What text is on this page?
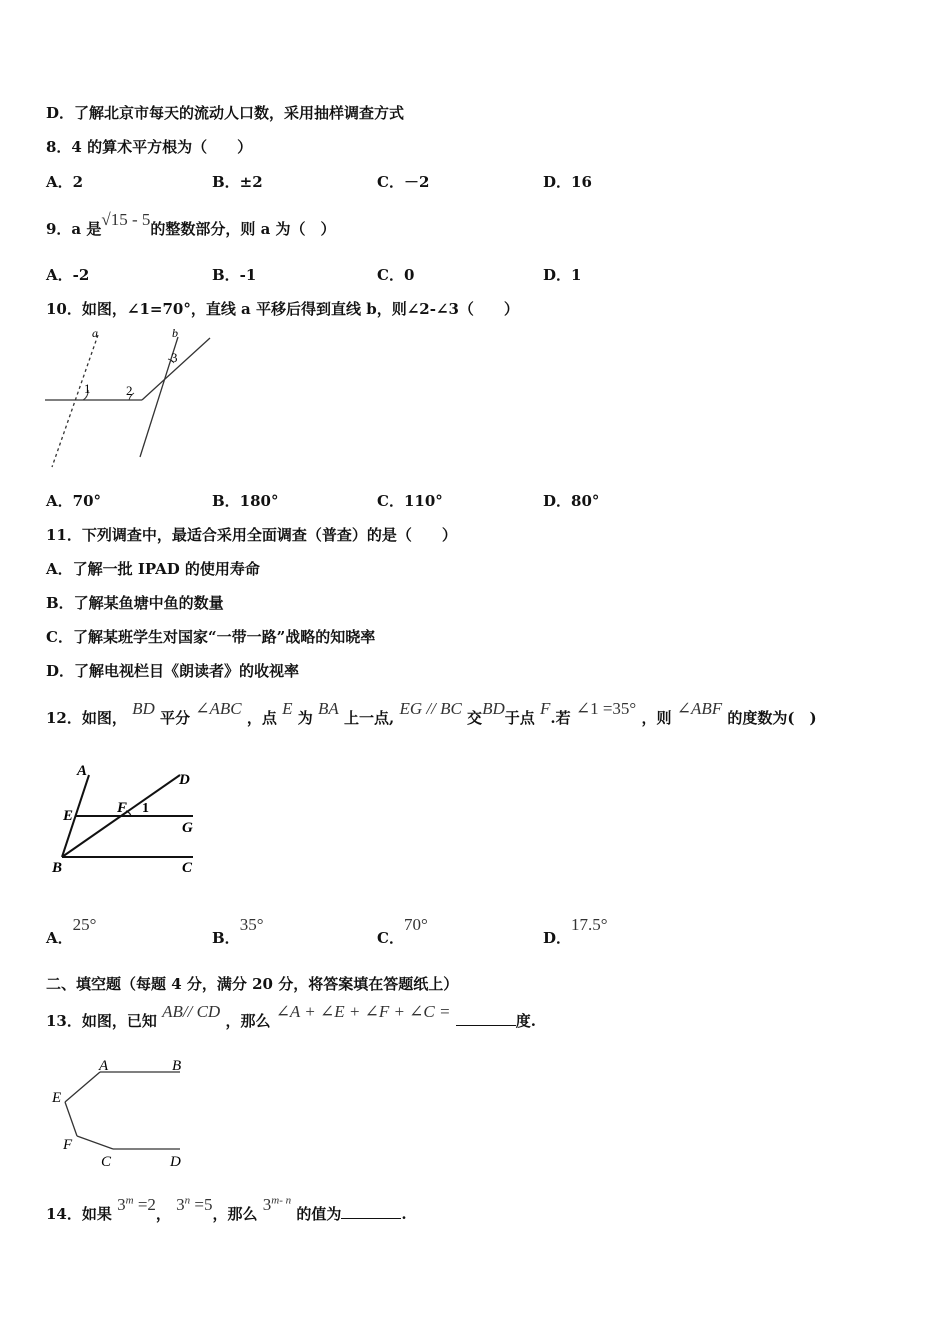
D．了解北京市每天的流动人口数，采用抽样调查方式
8．4 的算术平方根为（　　）
A．2	B．±2	C．－2	D．16
9．a 是√15 - 5的整数部分，则 a 为（　）
A．-2	B．-1	C．0	D．1
10．如图，∠1=70°，直线 a 平移后得到直线 b，则∠2-∠3（　　）
a	b
1	2
3
A．70°	B．180°	C．110°	D．80°
11．下列调查中，最适合采用全面调查（普查）的是（　　）
A．了解一批 IPAD 的使用寿命
B．了解某鱼塘中鱼的数量
C．了解某班学生对国家“一带一路”战略的知晓率
D．了解电视栏目《朗读者》的收视率
12．如图， BD 平分 ∠ABC ，点 E 为 BA 上一点, EG // BC 交BD于点 F.若 ∠1 =35° ，则 ∠ABF 的度数为(　)
A
D
E	F 1
G
B	C
A．25°
B．35°
C．70°
D．17.5°
二、填空题（每题 4 分，满分 20 分，将答案填在答题纸上）
13．如图，已知 AB// CD ，那么 ∠A + ∠E + ∠F + ∠C =	度.
A	B
E
F
C	D
14．如果 $3^m =2$， $3^n =5$，那么 3$^{m- n}$ 的值为	.
